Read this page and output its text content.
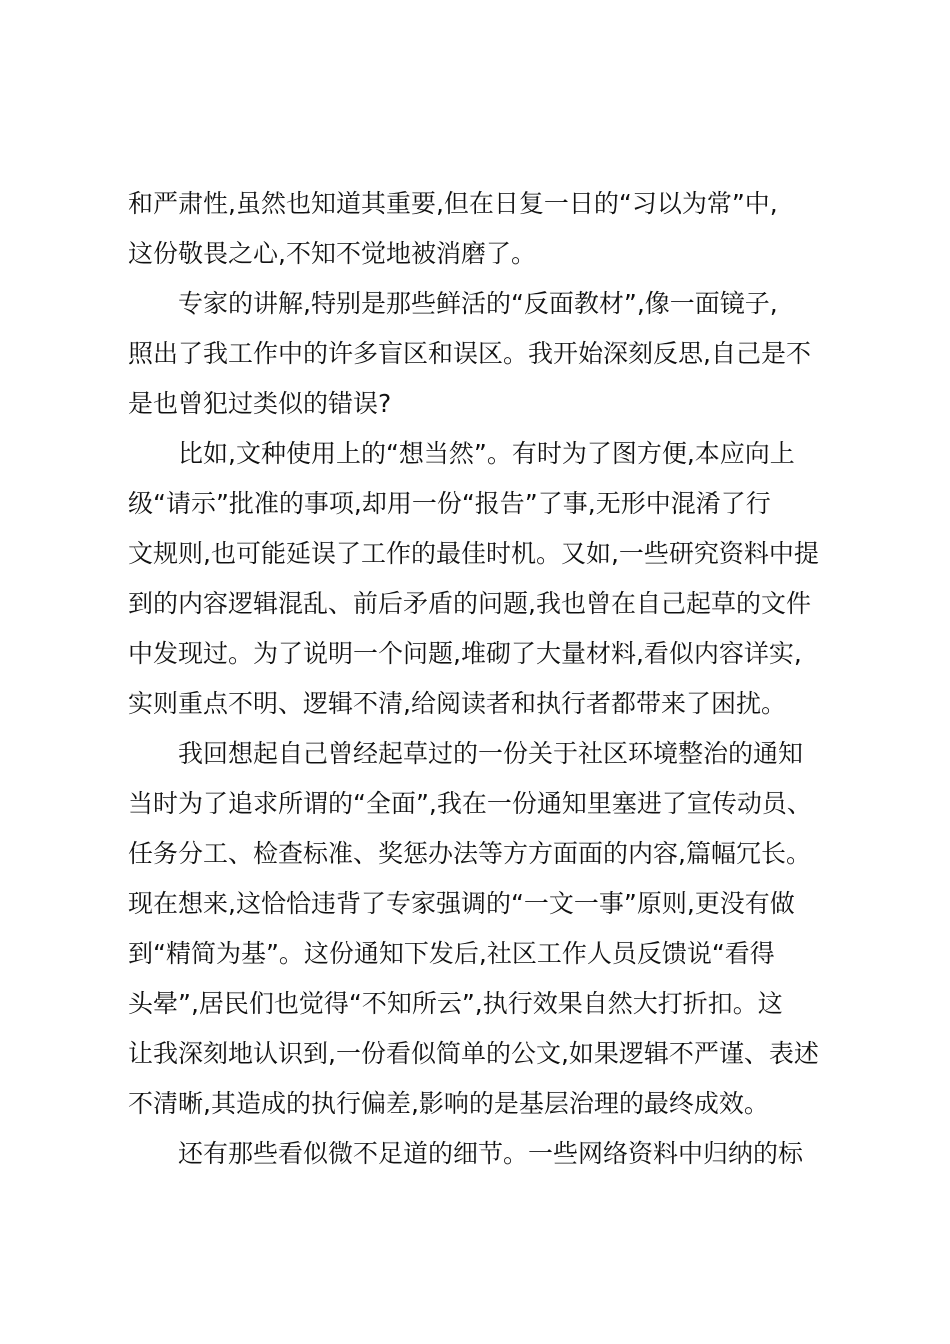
和严肃性,虽然也知道其重要,但在日复一日的“习以为常”中,
这份敬畏之心,不知不觉地被消磨了。
专家的讲解,特别是那些鲜活的“反面教材”,像一面镜子,
照出了我工作中的许多盲区和误区。我开始深刻反思,自己是不
是也曾犯过类似的错误?
比如,文种使用上的“想当然”。有时为了图方便,本应向上
级“请示”批准的事项,却用一份“报告”了事,无形中混淆了行
文规则,也可能延误了工作的最佳时机。又如,一些研究资料中提
到的内容逻辑混乱、前后矛盾的问题,我也曾在自己起草的文件
中发现过。为了说明一个问题,堆砌了大量材料,看似内容详实,
实则重点不明、逻辑不清,给阅读者和执行者都带来了困扰。
我回想起自己曾经起草过的一份关于社区环境整治的通知
当时为了追求所谓的“全面”,我在一份通知里塞进了宣传动员、
任务分工、检查标准、奖惩办法等方方面面的内容,篇幅冗长。
现在想来,这恰恰违背了专家强调的“一文一事”原则,更没有做
到“精简为基”。这份通知下发后,社区工作人员反馈说“看得
头晕”,居民们也觉得“不知所云”,执行效果自然大打折扣。这
让我深刻地认识到,一份看似简单的公文,如果逻辑不严谨、表述
不清晰,其造成的执行偏差,影响的是基层治理的最终成效。
还有那些看似微不足道的细节。一些网络资料中归纳的标
